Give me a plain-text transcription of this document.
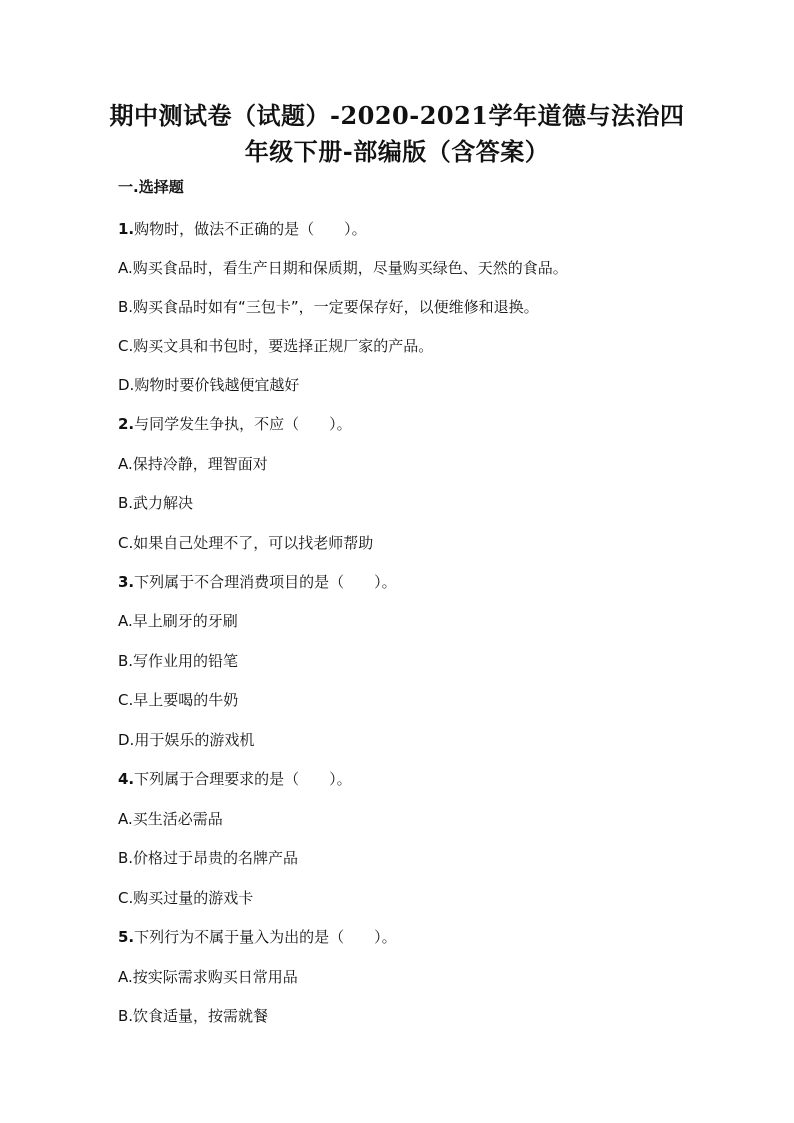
期中测试卷（试题）-2020-2021学年道德与法治四
年级下册-部编版（含答案）
一.选择题
1.购物时，做法不正确的是（　　）。
A.购买食品时，看生产日期和保质期，尽量购买绿色、天然的食品。
B.购买食品时如有“三包卡”，一定要保存好，以便维修和退换。
C.购买文具和书包时，要选择正规厂家的产品。
D.购物时要价钱越便宜越好
2.与同学发生争执，不应（　　）。
A.保持冷静，理智面对
B.武力解决
C.如果自己处理不了，可以找老师帮助
3.下列属于不合理消费项目的是（　　）。
A.早上刷牙的牙刷
B.写作业用的铅笔
C.早上要喝的牛奶
D.用于娱乐的游戏机
4.下列属于合理要求的是（　　）。
A.买生活必需品
B.价格过于昂贵的名牌产品
C.购买过量的游戏卡
5.下列行为不属于量入为出的是（　　）。
A.按实际需求购买日常用品
B.饮食适量，按需就餐
